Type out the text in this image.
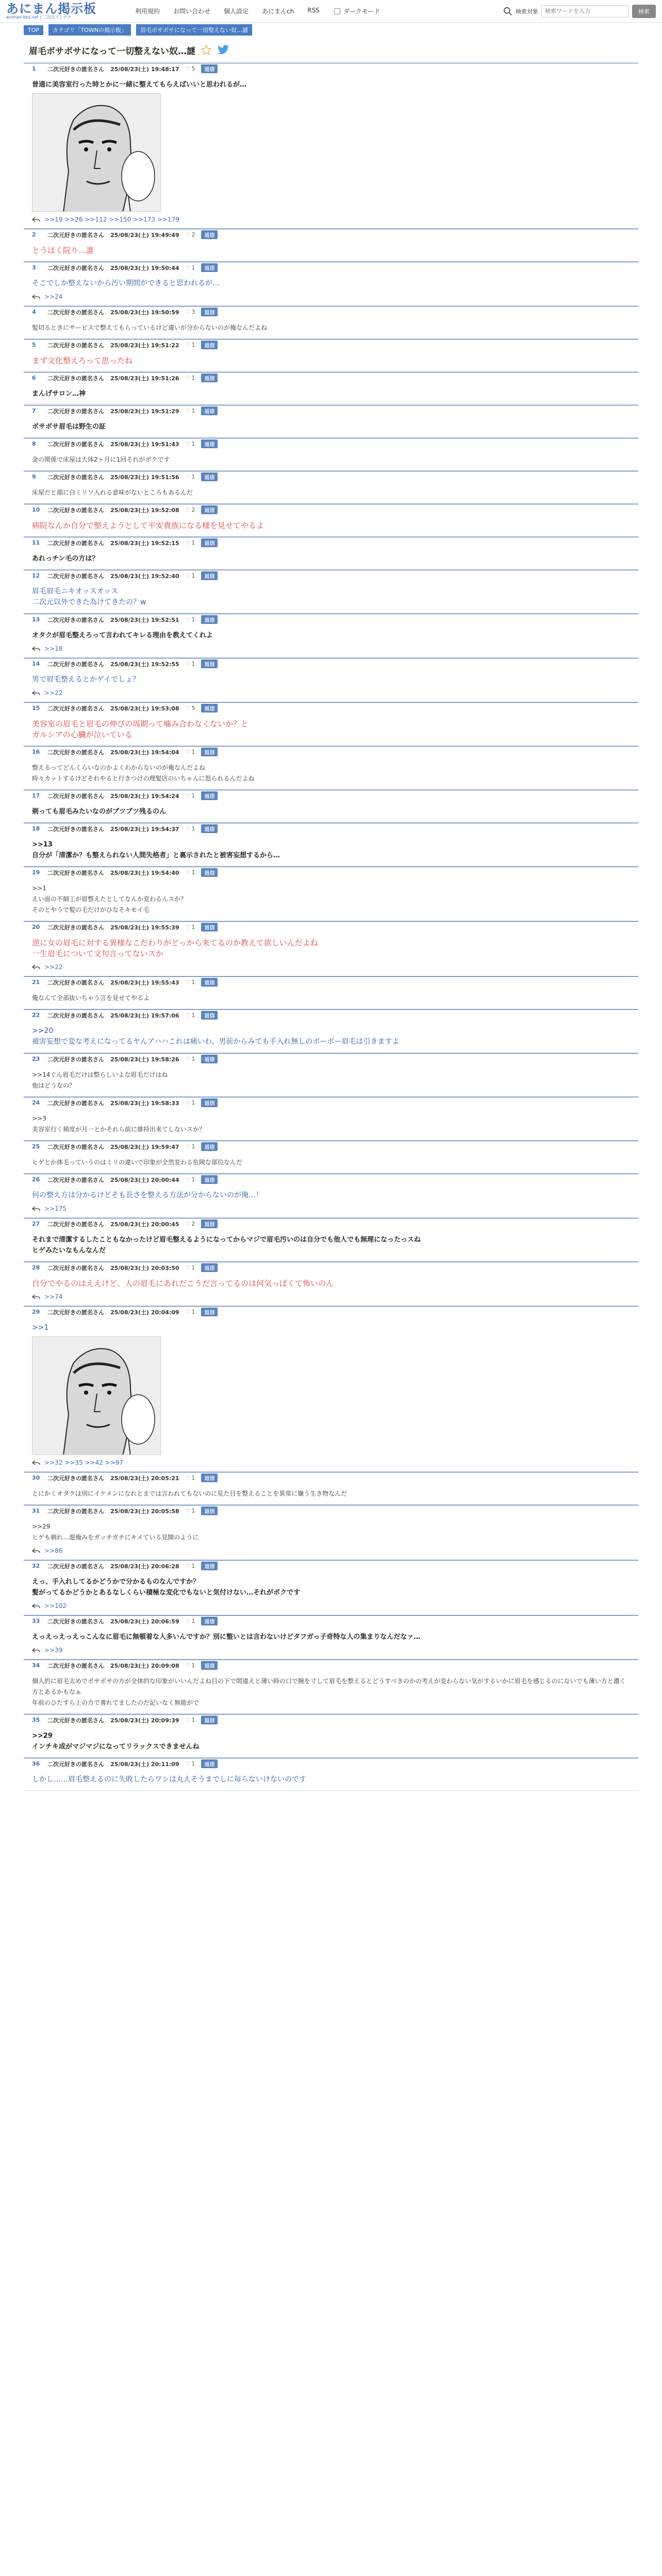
あにまん掲示板
animan-bbs.net | 二次元アンテナ
利用規約 お問い合わせ 個人設定 あにまんch RSS	ダークモード	検索対象
検索ワードを入力	検索
TOP	カテゴリ「TOWNの掲示板」	眉毛ボサボサになって一切整えない奴…謎
眉毛ボサボサになって一切整えない奴…謎
1	二次元好きの匿名さん 25/08/23(土) 19:48:17 ♡ 5	返信
普通に美容室行った時とかに一緒に整えてもらえばいいと思われるが…
>>19 >>26 >>112 >>150 >>173 >>179
2	二次元好きの匿名さん 25/08/23(土) 19:49:49 ♡ 2	返信
とうほく院り…誰
3	二次元好きの匿名さん 25/08/23(土) 19:50:44 ♡ 1	返信
そこでしか整えないから汚い期間ができると思われるが…
>>24
4	二次元好きの匿名さん 25/08/23(土) 19:50:59 ♡ 3	返信
髪切るときにサービスで整えてもらっているけど違いが分からないのが俺なんだよね
5	二次元好きの匿名さん 25/08/23(土) 19:51:22 ♡ 1	返信
まず文化整えろって思ったね
6	二次元好きの匿名さん 25/08/23(土) 19:51:26 ♡ 1	返信
まんげサロン…神
7	二次元好きの匿名さん 25/08/23(土) 19:51:29 ♡ 1	返信
ボサボサ眉毛は野生の証
8	二次元好きの匿名さん 25/08/23(土) 19:51:43 ♡ 1	返信
金の関係で床屋は大体2ヶ月に1回それがボクです
9	二次元好きの匿名さん 25/08/23(土) 19:51:56 ♡ 1	返信
床屋だと顔に白ミリソ入れる意味がないところもあるんだ
10 二次元好きの匿名さん 25/08/23(土) 19:52:08 ♡ 2	返信
病院なんか自分で整えようとして平安貴族になる様を見せてやるよ
11 二次元好きの匿名さん 25/08/23(土) 19:52:15 ♡ 1	返信
あれっチン毛の方は？
12 二次元好きの匿名さん 25/08/23(土) 19:52:40 ♡ 1	返信
眉毛眉毛ニキオッスオッス
二次元以外できた為けてきたの？w
13 二次元好きの匿名さん 25/08/23(土) 19:52:51 ♡ 1	返信
オタクが眉毛整えろって言われてキレる理由を教えてくれよ
>>18
14 二次元好きの匿名さん 25/08/23(土) 19:52:55 ♡ 1	返信
男で眉毛整えるとかゲイでしょ？
>>22
15 二次元好きの匿名さん 25/08/23(土) 19:53:08 ♡ 5	返信
美容室の眉毛と眉毛の伸びの周期って噛み合わなくないか？と
ガルシアの心臓が泣いている
16 二次元好きの匿名さん 25/08/23(土) 19:54:04 ♡ 1	返信
整えるってどんくらいなのかよくわからないのが俺なんだよね
時々カットするけどそれやると行きつけの理髪店のいちゃんに怒られるんだよね
17 二次元好きの匿名さん 25/08/23(土) 19:54:24 ♡ 1	返信
剃っても眉毛みたいなのがブツブツ残るのん
18 二次元好きの匿名さん 25/08/23(土) 19:54:37 ♡ 1	返信
>>13
自分が「清潔か？も整えられない人間失格者」と裏示されたと被害妄想するから…
19 二次元好きの匿名さん 25/08/23(土) 19:54:40 ♡ 1	返信
>>1
えい面の不細工が眉整えたとしてなんか変わるんスか？
そのとやうで髪の毛だけがひなそキモイ毛
20 二次元好きの匿名さん 25/08/23(土) 19:55:39 ♡ 1	返信
逆に女の眉毛に対する異様なこだわりがどっから来てるのか教えて欲しいんだよね
一生眉毛について文句言ってないスか
>>22
21 二次元好きの匿名さん 25/08/23(土) 19:55:43 ♡ 1	返信
俺なんて全部抜いちゃう言を見せてやるよ
22 二次元好きの匿名さん 25/08/23(土) 19:57:06 ♡ 1	返信
>>20
被害妄想で変な考えになってるヤんアハハこれは痛いわ、男前からみても手入れ無しのボーボー眉毛は引きますよ
23 二次元好きの匿名さん 25/08/23(土) 19:58:26 ♡ 1	返信
>>14ぐん眉毛だけは整らしいよな眉毛だけはね
他はどうなの？
24 二次元好きの匿名さん 25/08/23(土) 19:58:33 ♡ 1	返信
>>3
美容室行く頻度が月一とかそれら前に維持出来てしないスか？
25 二次元好きの匿名さん 25/08/23(土) 19:59:47 ♡ 1	返信
ヒゲとか体毛っていうのはミリの違いで印象が全然変わる危険な部位なんだ
26 二次元好きの匿名さん 25/08/23(土) 20:00:44 ♡ 1	返信
何の整え方は分かるけどそも長さを整える方法が分からないのが俺…！
>>175
27 二次元好きの匿名さん 25/08/23(土) 20:00:45 ♡ 2	返信
それまで清潔するしたこともなかったけど眉毛整えるようになってからマジで眉毛汚いのは自分でも他人でも無理になったっスね
ヒゲみたいなもんなんだ
28 二次元好きの匿名さん 25/08/23(土) 20:03:50 ♡ 1	返信
自分でやるのはええけど、人の眉毛にあれだこうだ言ってるのは何気っぽくて怖いのん
>>74
29 二次元好きの匿名さん 25/08/23(土) 20:04:09 ♡ 1	返信
>>1
>>32 >>35 >>42 >>97
30 二次元好きの匿名さん 25/08/23(土) 20:05:21 ♡ 1	返信
とにかくオタクは別にイケメンになれとまでは言われてもないのに見た目を整えることを異常に嫌う生き物なんだ
31 二次元好きの匿名さん 25/08/23(土) 20:05:58 ♡ 1	返信
>>29
ヒゲも剃れ…遊俺みをガッチガチにキメている見開のように
>>86
32 二次元好きの匿名さん 25/08/23(土) 20:06:28 ♡ 1	返信
えっ、手入れしてるかどうかで分かるものなんですか？
髪がってるかどうかとあるなしくらい積極な変化でもないと気付けない…それがボクです
>>102
33 二次元好きの匿名さん 25/08/23(土) 20:06:59 ♡ 1	返信
えっえっえっえっこんなに眉毛に無頓着な人多いんですか？別に整いとは言わないけどタフガっ子奇特な人の集まりなんだなァ…
>>39
34 二次元好きの匿名さん 25/08/23(土) 20:09:08 ♡ 1	返信
個人的に眉毛太めでボサボサの方が全体的な印象がいいんだよね目の下で間違えと薄い時の口で腕を寸して眉毛を整えるとどうすべきのかの考えが変わらない気がするいかに眉毛を感じるのにないでも薄い方と濃く方とあるかもなぁ
年前のひたすら上の方で書れてましたのだ記いなく無能がで
35 二次元好きの匿名さん 25/08/23(土) 20:09:39 ♡ 1	返信
>>29
インチキ成がマジマジになってリラックスできませんね
36 二次元好きの匿名さん 25/08/23(土) 20:11:09 ♡ 1	返信
しかし……眉毛整えるのに失敗したらワシは丸えそうまでしに毎らないけないのです
